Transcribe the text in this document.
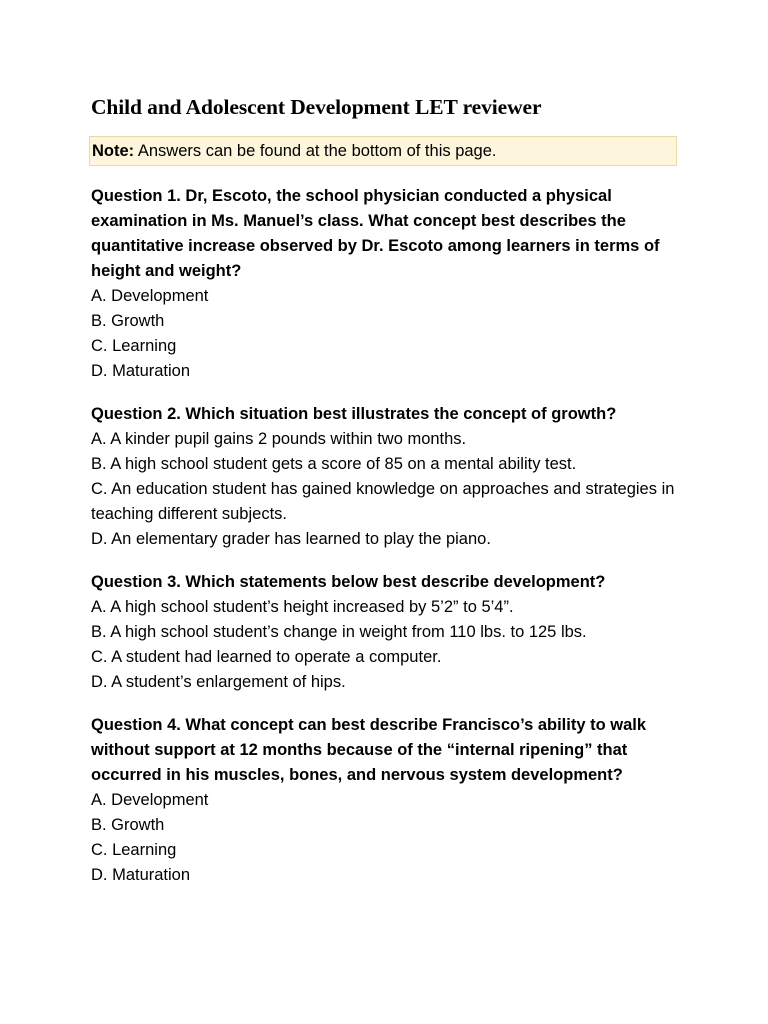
Child and Adolescent Development LET reviewer
Note: Answers can be found at the bottom of this page.

Question 1. Dr, Escoto, the school physician conducted a physical examination in Ms. Manuel’s class. What concept best describes the quantitative increase observed by Dr. Escoto among learners in terms of height and weight?

A. Development
B. Growth
C. Learning
D. Maturation

Question 2. Which situation best illustrates the concept of growth?

A. A kinder pupil gains 2 pounds within two months.
B. A high school student gets a score of 85 on a mental ability test.
C. An education student has gained knowledge on approaches and strategies in teaching different subjects.
D. An elementary grader has learned to play the piano.

Question 3. Which statements below best describe development?

A. A high school student’s height increased by 5’2” to 5’4”.
B. A high school student’s change in weight from 110 lbs. to 125 lbs.
C. A student had learned to operate a computer.
D. A student’s enlargement of hips.

Question 4. What concept can best describe Francisco’s ability to walk without support at 12 months because of the “internal ripening” that occurred in his muscles, bones, and nervous system development?

A. Development
B. Growth
C. Learning
D. Maturation
